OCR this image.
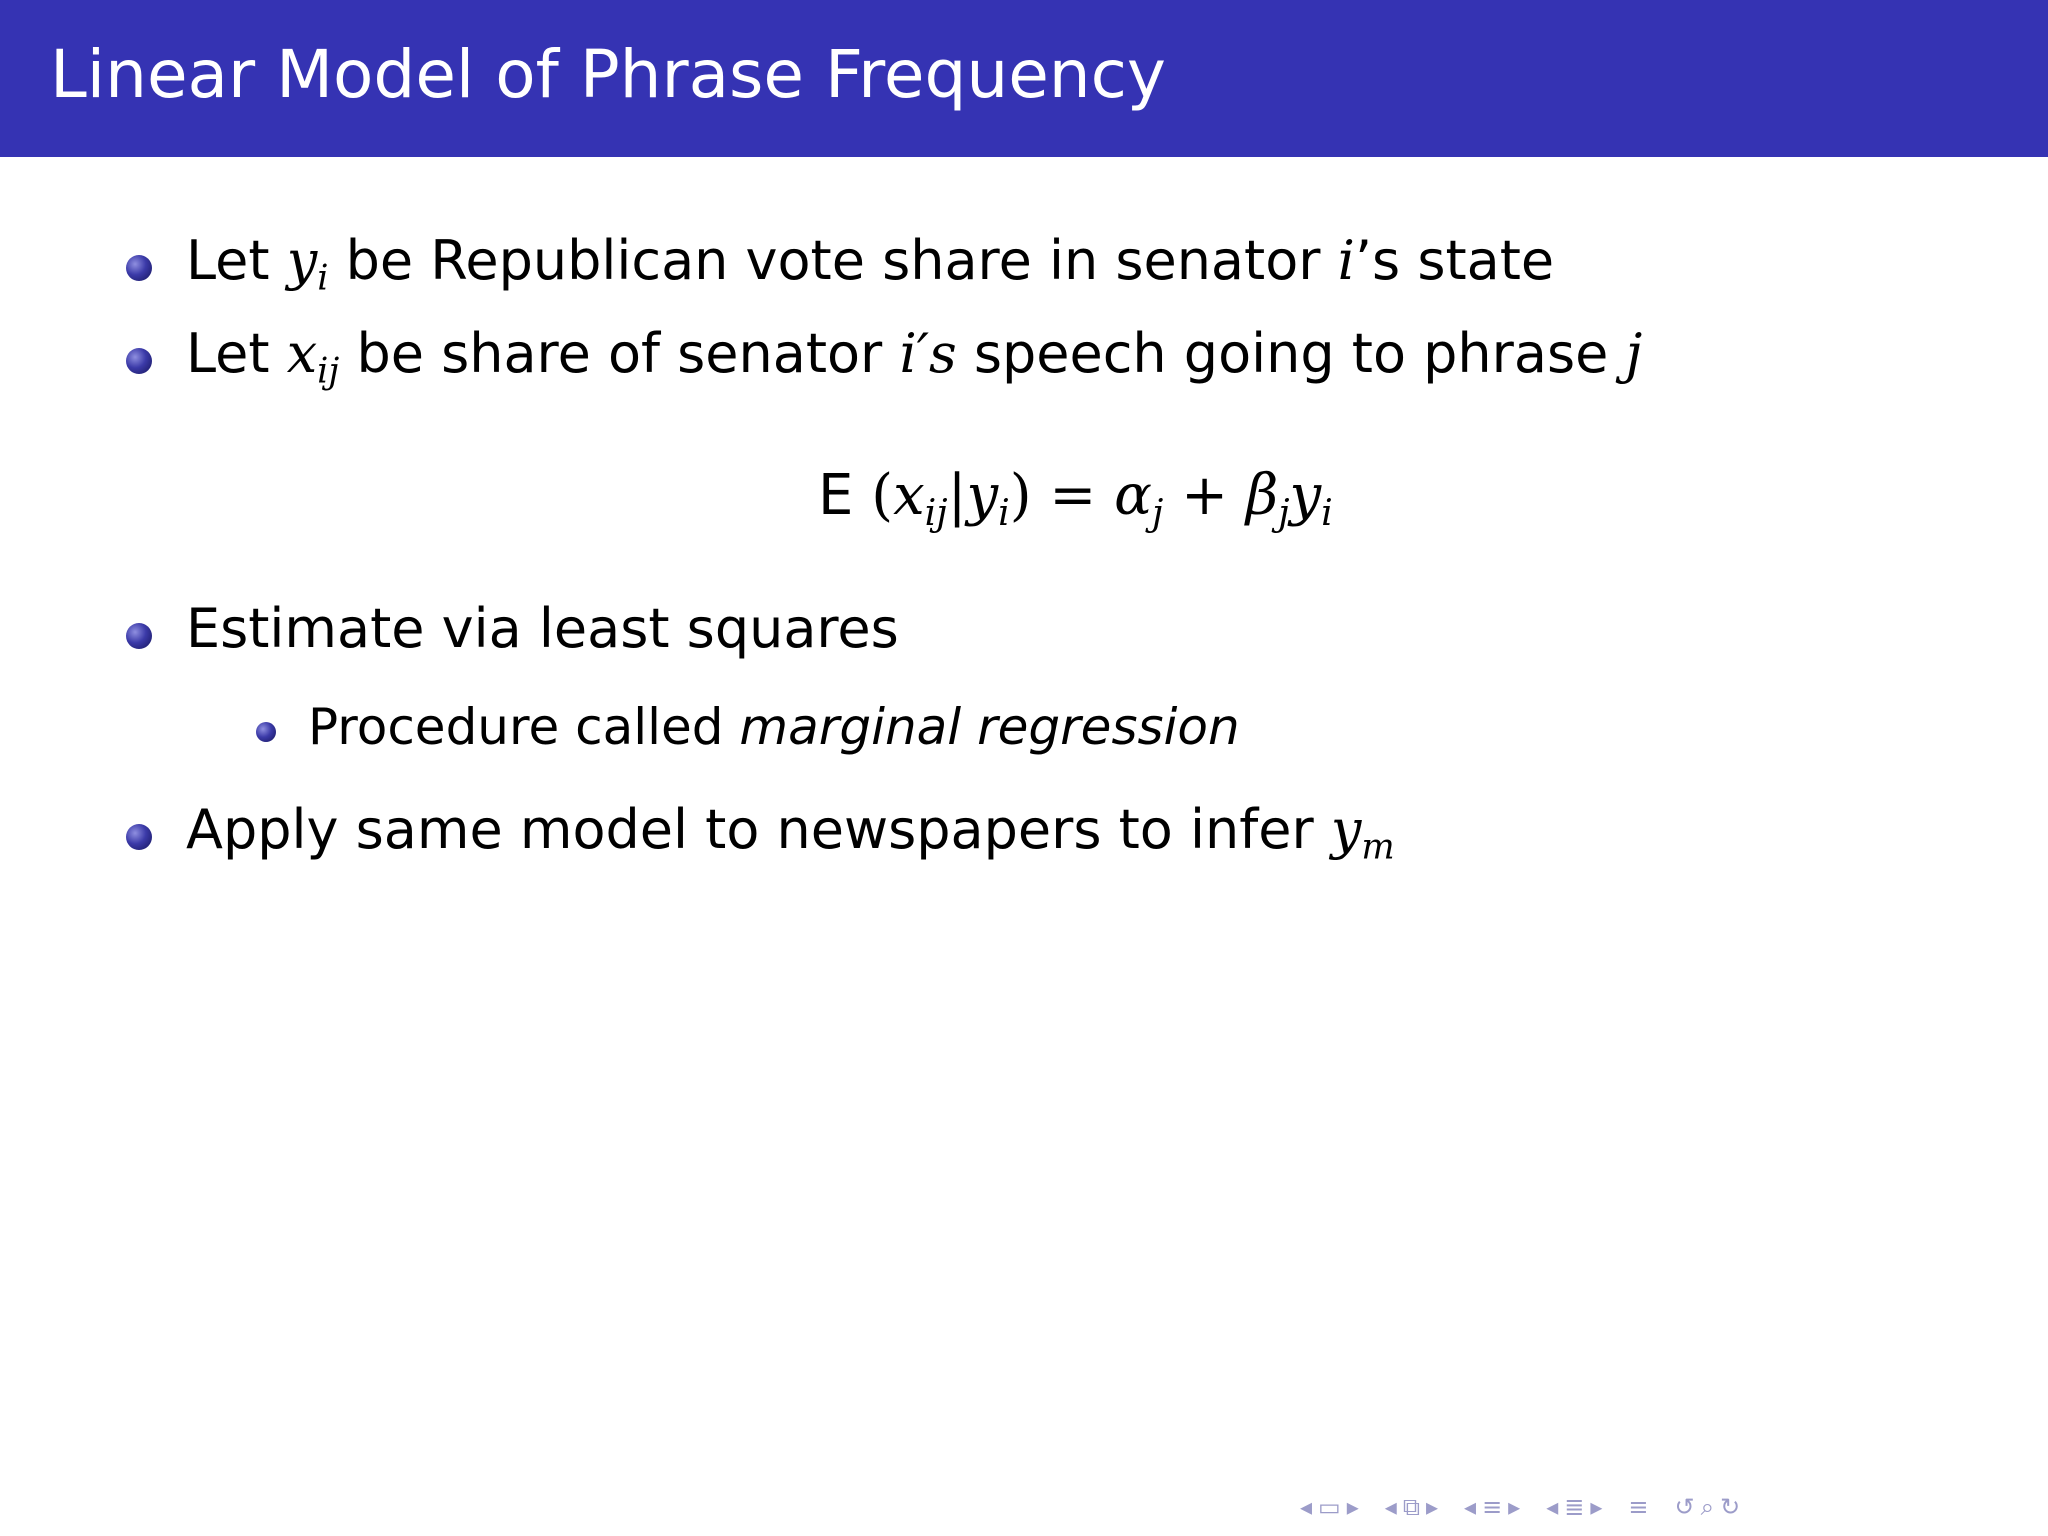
Linear Model of Phrase Frequency
Let $y_i$ be Republican vote share in senator i’s state
Let $x_{ij}$ be share of senator i′s speech going to phrase j
E $(x_{ij}|y_i) = \alpha_j + \beta_jy_i$
Estimate via least squares
Procedure called marginal regression
Apply same model to newspapers to infer $y_m$
◂ ▭ ▸ ◂ ⧉ ▸ ◂ ≡ ▸ ◂ ≣ ▸ ≡ ↺ ⌕ ↻
